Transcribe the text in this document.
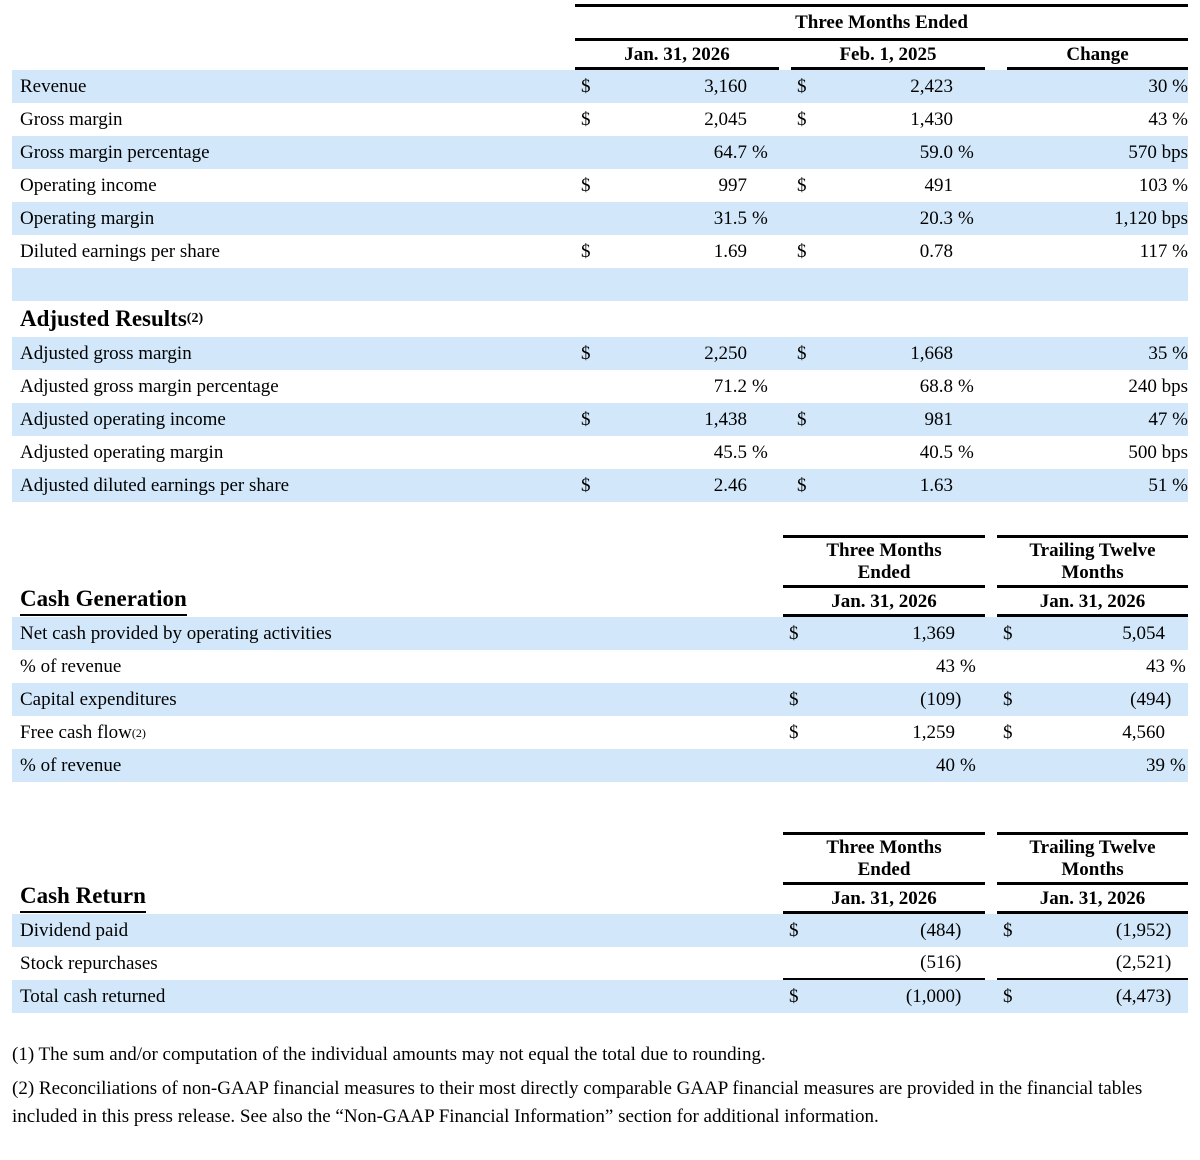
Three Months Ended
Jan. 31, 2026	Feb. 1, 2025	Change
Revenue	$	3,160	$	2,423	30 %
Gross margin	$	2,045	$	1,430	43 %
Gross margin percentage	64.7 %	59.0 %	570 bps
Operating income	$	997	$	491	103 %
Operating margin	31.5 %	20.3 %	1,120 bps
Diluted earnings per share	$	1.69	$	0.78	117 %
Adjusted Results (2)
Adjusted gross margin	$	2,250	$	1,668	35 %
Adjusted gross margin percentage	71.2 %	68.8 %	240 bps
Adjusted operating income	$	1,438	$	981	47 %
Adjusted operating margin	45.5 %	40.5 %	500 bps
Adjusted diluted earnings per share	$	2.46	$	1.63	51 %
Cash Generation
Three Months Ended
Jan. 31, 2026
Trailing Twelve Months
Jan. 31, 2026
Net cash provided by operating activities	$	1,369	$	5,054
% of revenue	43 %	43 %
Capital expenditures	$	(109 )	$	(494 )
Free cash flow (2)	$	1,259	$	4,560
% of revenue	40 %	39 %
Cash Return
Three Months Ended
Jan. 31, 2026
Trailing Twelve Months
Jan. 31, 2026
Dividend paid	$	(484 )	$	(1,952 )
Stock repurchases	(516 )	(2,521 )
Total cash returned	$	(1,000 )	$	(4,473 )
(1) The sum and/or computation of the individual amounts may not equal the total due to rounding.
(2) Reconciliations of non-GAAP financial measures to their most directly comparable GAAP financial measures are provided in the financial tables included in this press release. See also the “Non-GAAP Financial Information” section for additional information.
